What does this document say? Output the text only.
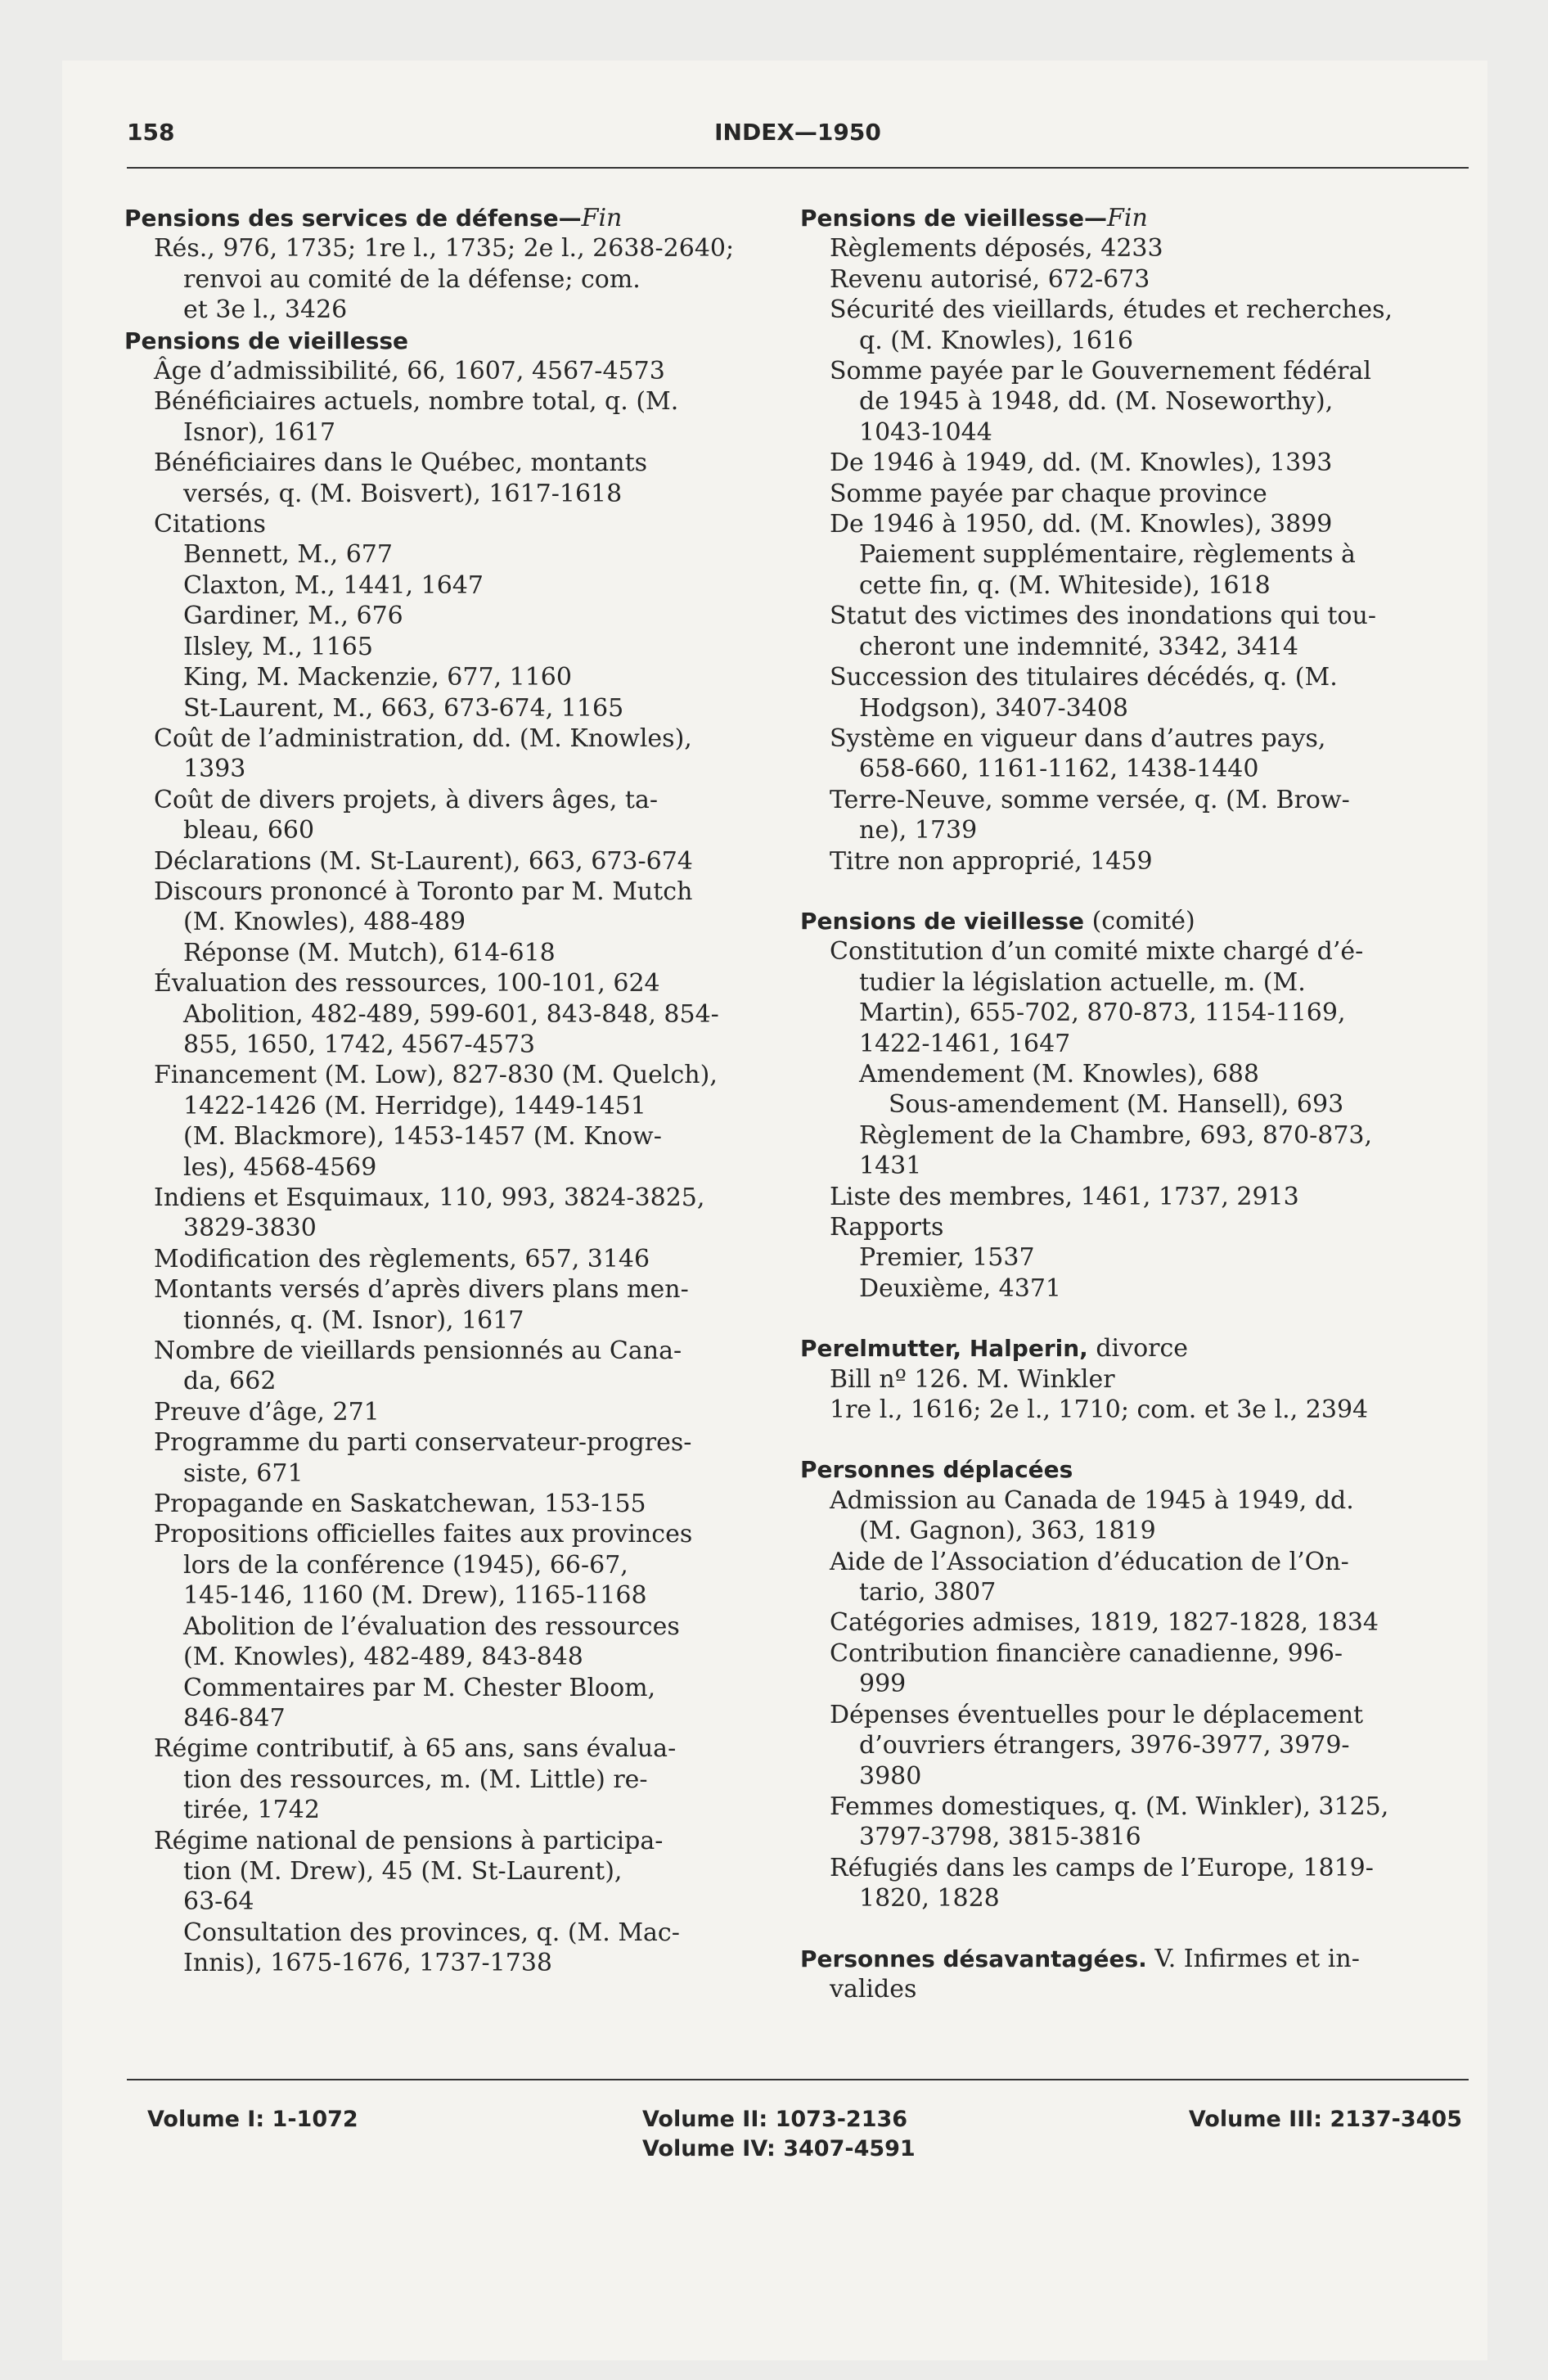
158	INDEX—1950
Pensions des services de défense—Fin
Rés., 976, 1735; 1re l., 1735; 2e l., 2638-2640;
renvoi au comité de la défense; com.
et 3e l., 3426
Pensions de vieillesse
Âge d’admissibilité, 66, 1607, 4567-4573
Bénéficiaires actuels, nombre total, q. (M.
Isnor), 1617
Bénéficiaires dans le Québec, montants
versés, q. (M. Boisvert), 1617-1618
Citations
Bennett, M., 677
Claxton, M., 1441, 1647
Gardiner, M., 676
Ilsley, M., 1165
King, M. Mackenzie, 677, 1160
St-Laurent, M., 663, 673-674, 1165
Coût de l’administration, dd. (M. Knowles),
1393
Coût de divers projets, à divers âges, ta-
bleau, 660
Déclarations (M. St-Laurent), 663, 673-674
Discours prononcé à Toronto par M. Mutch
(M. Knowles), 488-489
Réponse (M. Mutch), 614-618
Évaluation des ressources, 100-101, 624
Abolition, 482-489, 599-601, 843-848, 854-
855, 1650, 1742, 4567-4573
Financement (M. Low), 827-830 (M. Quelch),
1422-1426 (M. Herridge), 1449-1451
(M. Blackmore), 1453-1457 (M. Know-
les), 4568-4569
Indiens et Esquimaux, 110, 993, 3824-3825,
3829-3830
Modification des règlements, 657, 3146
Montants versés d’après divers plans men-
tionnés, q. (M. Isnor), 1617
Nombre de vieillards pensionnés au Cana-
da, 662
Preuve d’âge, 271
Programme du parti conservateur-progres-
siste, 671
Propagande en Saskatchewan, 153-155
Propositions officielles faites aux provinces
lors de la conférence (1945), 66-67,
145-146, 1160 (M. Drew), 1165-1168
Abolition de l’évaluation des ressources
(M. Knowles), 482-489, 843-848
Commentaires par M. Chester Bloom,
846-847
Régime contributif, à 65 ans, sans évalua-
tion des ressources, m. (M. Little) re-
tirée, 1742
Régime national de pensions à participa-
tion (M. Drew), 45 (M. St-Laurent),
63-64
Consultation des provinces, q. (M. Mac-
Innis), 1675-1676, 1737-1738
Pensions de vieillesse—Fin
Règlements déposés, 4233
Revenu autorisé, 672-673
Sécurité des vieillards, études et recherches,
q. (M. Knowles), 1616
Somme payée par le Gouvernement fédéral
de 1945 à 1948, dd. (M. Noseworthy),
1043-1044
De 1946 à 1949, dd. (M. Knowles), 1393
Somme payée par chaque province
De 1946 à 1950, dd. (M. Knowles), 3899
Paiement supplémentaire, règlements à
cette fin, q. (M. Whiteside), 1618
Statut des victimes des inondations qui tou-
cheront une indemnité, 3342, 3414
Succession des titulaires décédés, q. (M.
Hodgson), 3407-3408
Système en vigueur dans d’autres pays,
658-660, 1161-1162, 1438-1440
Terre-Neuve, somme versée, q. (M. Brow-
ne), 1739
Titre non approprié, 1459
Pensions de vieillesse (comité)
Constitution d’un comité mixte chargé d’é-
tudier la législation actuelle, m. (M.
Martin), 655-702, 870-873, 1154-1169,
1422-1461, 1647
Amendement (M. Knowles), 688
Sous-amendement (M. Hansell), 693
Règlement de la Chambre, 693, 870-873,
1431
Liste des membres, 1461, 1737, 2913
Rapports
Premier, 1537
Deuxième, 4371
Perelmutter, Halperin, divorce
Bill nº 126. M. Winkler
1re l., 1616; 2e l., 1710; com. et 3e l., 2394
Personnes déplacées
Admission au Canada de 1945 à 1949, dd.
(M. Gagnon), 363, 1819
Aide de l’Association d’éducation de l’On-
tario, 3807
Catégories admises, 1819, 1827-1828, 1834
Contribution financière canadienne, 996-
999
Dépenses éventuelles pour le déplacement
d’ouvriers étrangers, 3976-3977, 3979-
3980
Femmes domestiques, q. (M. Winkler), 3125,
3797-3798, 3815-3816
Réfugiés dans les camps de l’Europe, 1819-
1820, 1828
Personnes désavantagées. V. Infirmes et in-
valides
Volume I: 1-1072	Volume II: 1073-2136
Volume IV: 3407-4591
Volume III: 2137-3405
